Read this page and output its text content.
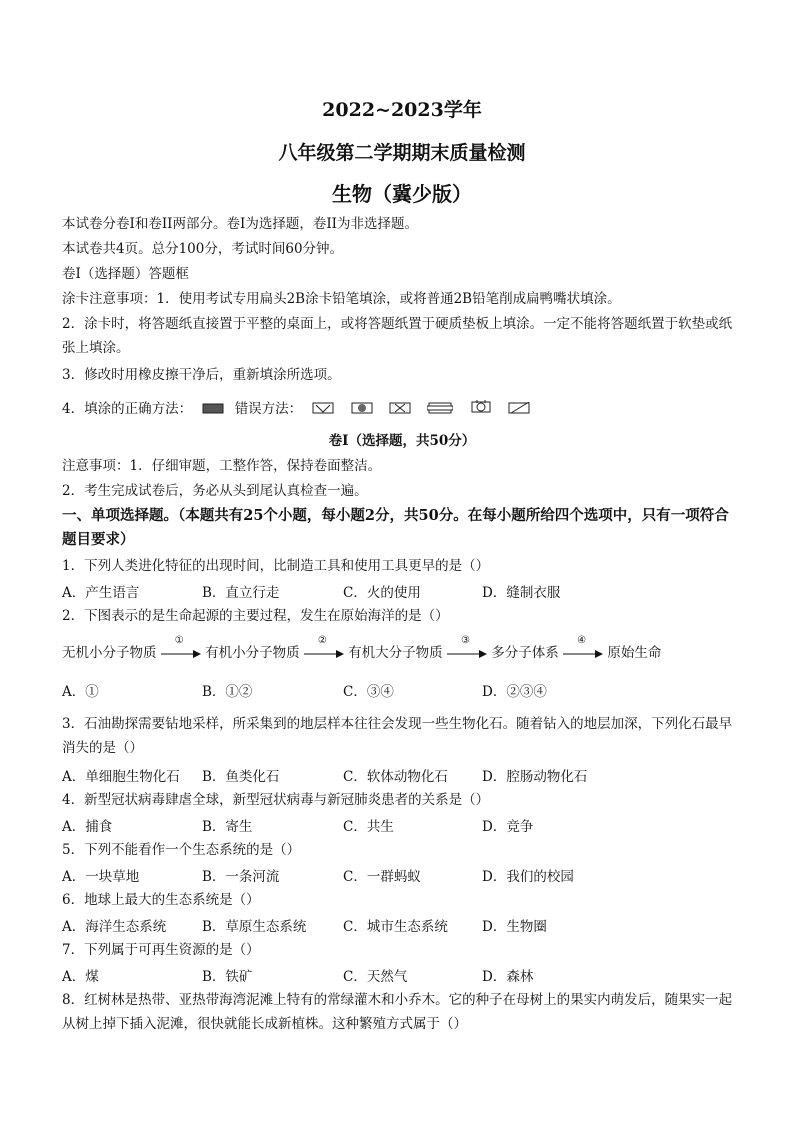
2022~2023学年
八年级第二学期期末质量检测
生物（冀少版）
本试卷分卷I和卷II两部分。卷I为选择题，卷II为非选择题。
本试卷共4页。总分100分，考试时间60分钟。
卷I（选择题）答题框
涂卡注意事项：1．使用考试专用扁头2B涂卡铅笔填涂，或将普通2B铅笔削成扁鸭嘴状填涂。
2．涂卡时，将答题纸直接置于平整的桌面上，或将答题纸置于硬质垫板上填涂。一定不能将答题纸置于软垫或纸张上填涂。
3．修改时用橡皮擦干净后，重新填涂所选项。
4．填涂的正确方法：	错误方法：
卷I（选择题，共50分）
注意事项：1．仔细审题，工整作答，保持卷面整洁。
2．考生完成试卷后，务必从头到尾认真检查一遍。
一、单项选择题。（本题共有25个小题，每小题2分，共50分。在每小题所给四个选项中，只有一项符合题目要求）
1．下列人类进化特征的出现时间，比制造工具和使用工具更早的是（）
A．产生语言	B．直立行走	C．火的使用	D．缝制衣服
2．下图表示的是生命起源的主要过程，发生在原始海洋的是（）
无机小分子物质
①
有机小分子物质
②
有机大分子物质
③
多分子体系
④
原始生命
A．①	B．①②	C．③④	D．②③④
3．石油勘探需要钻地采样，所采集到的地层样本往往会发现一些生物化石。随着钻入的地层加深，下列化石最早消失的是（）
A．单细胞生物化石 B．鱼类化石	C．软体动物化石	D．腔肠动物化石
4．新型冠状病毒肆虐全球，新型冠状病毒与新冠肺炎患者的关系是（）
A．捕食	B．寄生	C．共生	D．竞争
5．下列不能看作一个生态系统的是（）
A．一块草地	B．一条河流	C．一群蚂蚁	D．我们的校园
6．地球上最大的生态系统是（）
A．海洋生态系统	B．草原生态系统	C．城市生态系统	D．生物圈
7．下列属于可再生资源的是（）
A．煤	B．铁矿	C．天然气	D．森林
8．红树林是热带、亚热带海湾泥滩上特有的常绿灌木和小乔木。它的种子在母树上的果实内萌发后，随果实一起从树上掉下插入泥滩，很快就能长成新植株。这种繁殖方式属于（）
